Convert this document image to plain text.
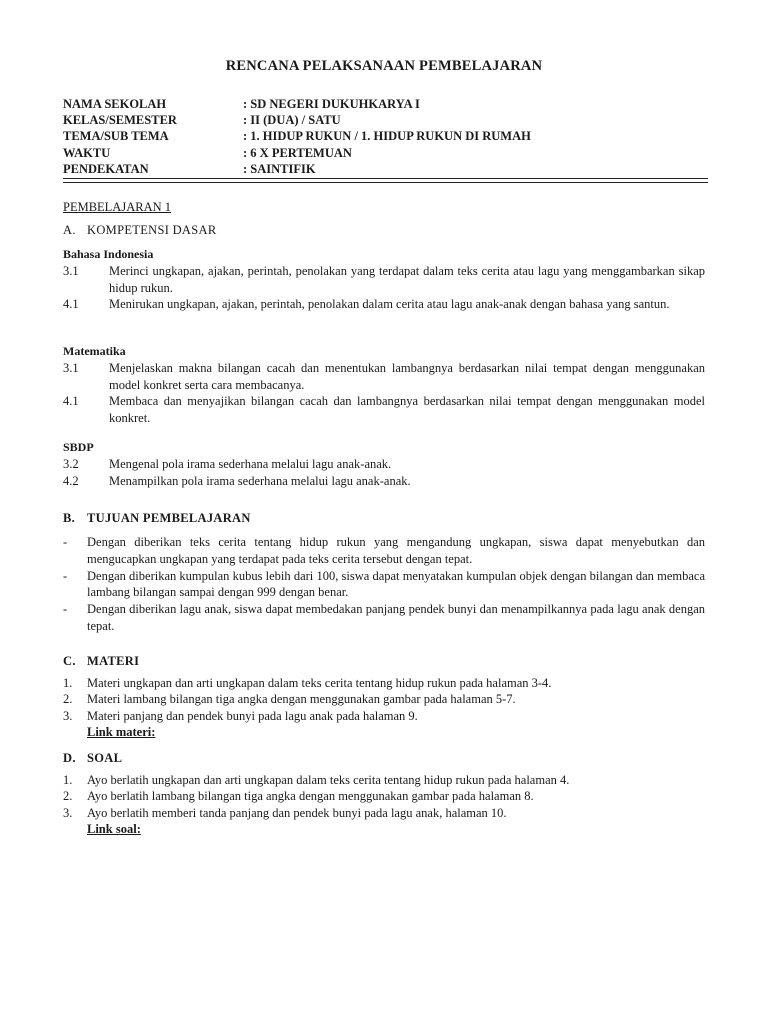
RENCANA PELAKSANAAN PEMBELAJARAN
NAMA SEKOLAH	: SD NEGERI DUKUHKARYA I
KELAS/SEMESTER	: II (DUA) / SATU
TEMA/SUB TEMA	: 1. HIDUP RUKUN / 1. HIDUP RUKUN DI RUMAH
WAKTU	: 6 X PERTEMUAN
PENDEKATAN	: SAINTIFIK
PEMBELAJARAN 1
A. KOMPETENSI DASAR
Bahasa Indonesia
3.1	Merinci ungkapan, ajakan, perintah, penolakan yang terdapat dalam teks cerita atau lagu yang menggambarkan sikap hidup rukun.
4.1	Menirukan ungkapan, ajakan, perintah, penolakan dalam cerita atau lagu anak-anak dengan bahasa yang santun.
Matematika
3.1	Menjelaskan makna bilangan cacah dan menentukan lambangnya berdasarkan nilai tempat dengan menggunakan model konkret serta cara membacanya.
4.1	Membaca dan menyajikan bilangan cacah dan lambangnya berdasarkan nilai tempat dengan menggunakan model konkret.
SBDP
3.2	Mengenal pola irama sederhana melalui lagu anak-anak.
4.2	Menampilkan pola irama sederhana melalui lagu anak-anak.
B. TUJUAN PEMBELAJARAN
-	Dengan diberikan teks cerita tentang hidup rukun yang mengandung ungkapan, siswa dapat menyebutkan dan mengucapkan ungkapan yang terdapat pada teks cerita tersebut dengan tepat.
-	Dengan diberikan kumpulan kubus lebih dari 100, siswa dapat menyatakan kumpulan objek dengan bilangan dan membaca lambang bilangan sampai dengan 999 dengan benar.
-	Dengan diberikan lagu anak, siswa dapat membedakan panjang pendek bunyi dan menampilkannya pada lagu anak dengan tepat.
C. MATERI
1.	Materi ungkapan dan arti ungkapan dalam teks cerita tentang hidup rukun pada halaman 3-4.
2.	Materi lambang bilangan tiga angka dengan menggunakan gambar pada halaman 5-7.
3.	Materi panjang dan pendek bunyi pada lagu anak pada halaman 9.
Link materi:
D. SOAL
1.	Ayo berlatih ungkapan dan arti ungkapan dalam teks cerita tentang hidup rukun pada halaman 4.
2.	Ayo berlatih lambang bilangan tiga angka dengan menggunakan gambar pada halaman 8.
3.	Ayo berlatih memberi tanda panjang dan pendek bunyi pada lagu anak, halaman 10.
Link soal:
